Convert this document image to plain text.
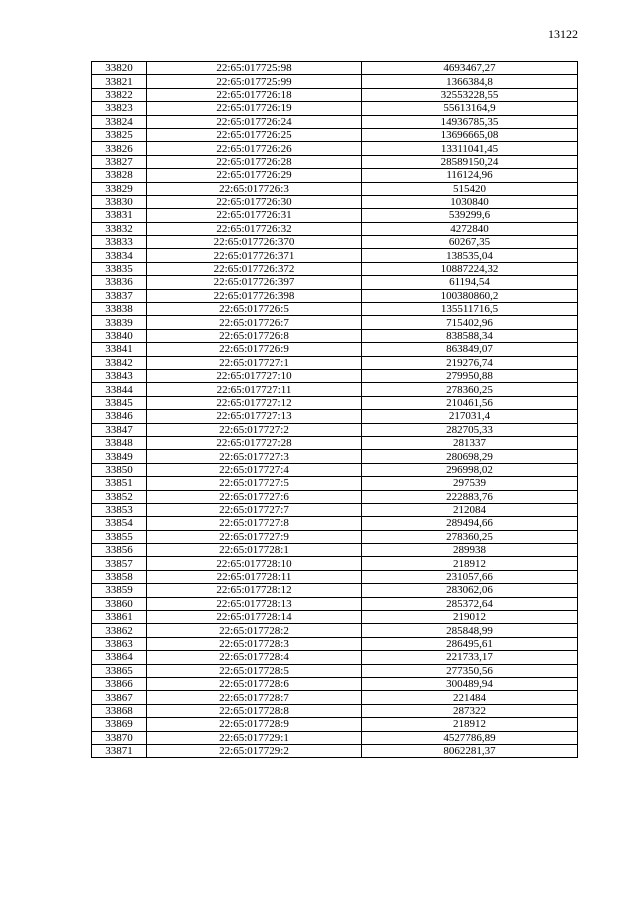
13122
33820	22:65:017725:98	4693467,27
33821	22:65:017725:99	1366384,8
33822	22:65:017726:18	32553228,55
33823	22:65:017726:19	55613164,9
33824	22:65:017726:24	14936785,35
33825	22:65:017726:25	13696665,08
33826	22:65:017726:26	13311041,45
33827	22:65:017726:28	28589150,24
33828	22:65:017726:29	116124,96
33829	22:65:017726:3	515420
33830	22:65:017726:30	1030840
33831	22:65:017726:31	539299,6
33832	22:65:017726:32	4272840
33833	22:65:017726:370	60267,35
33834	22:65:017726:371	138535,04
33835	22:65:017726:372	10887224,32
33836	22:65:017726:397	61194,54
33837	22:65:017726:398	100380860,2
33838	22:65:017726:5	135511716,5
33839	22:65:017726:7	715402,96
33840	22:65:017726:8	838588,34
33841	22:65:017726:9	863849,07
33842	22:65:017727:1	219276,74
33843	22:65:017727:10	279950,88
33844	22:65:017727:11	278360,25
33845	22:65:017727:12	210461,56
33846	22:65:017727:13	217031,4
33847	22:65:017727:2	282705,33
33848	22:65:017727:28	281337
33849	22:65:017727:3	280698,29
33850	22:65:017727:4	296998,02
33851	22:65:017727:5	297539
33852	22:65:017727:6	222883,76
33853	22:65:017727:7	212084
33854	22:65:017727:8	289494,66
33855	22:65:017727:9	278360,25
33856	22:65:017728:1	289938
33857	22:65:017728:10	218912
33858	22:65:017728:11	231057,66
33859	22:65:017728:12	283062,06
33860	22:65:017728:13	285372,64
33861	22:65:017728:14	219012
33862	22:65:017728:2	285848,99
33863	22:65:017728:3	286495,61
33864	22:65:017728:4	221733,17
33865	22:65:017728:5	277350,56
33866	22:65:017728:6	300489,94
33867	22:65:017728:7	221484
33868	22:65:017728:8	287322
33869	22:65:017728:9	218912
33870	22:65:017729:1	4527786,89
33871	22:65:017729:2	8062281,37
